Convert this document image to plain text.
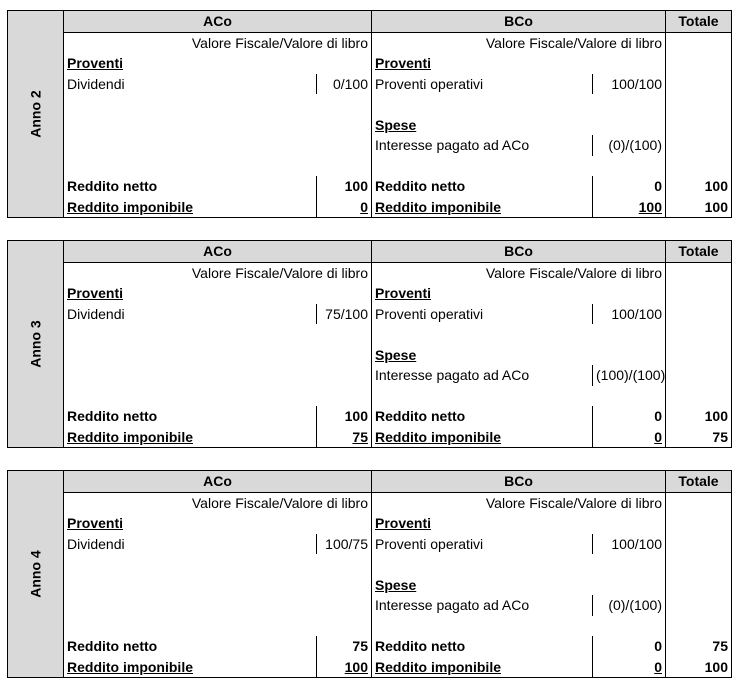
Anno 2	ACo		BCo		Totale
	Valore Fiscale/Valore di libro		Valore Fiscale/Valore di libro		
	Proventi		Proventi		
	Dividendi	0/100	Proventi operativi	100/100	

			Spese		
			Interesse pagato ad ACo	(0)/(100)	

	Reddito netto	100	Reddito netto	0	100
	Reddito imponibile	0	Reddito imponibile	100	100
Anno 3	ACo		BCo		Totale
	Valore Fiscale/Valore di libro		Valore Fiscale/Valore di libro		
	Proventi		Proventi		
	Dividendi	75/100	Proventi operativi	100/100	

			Spese		
			Interesse pagato ad ACo	(100)/(100)	

	Reddito netto	100	Reddito netto	0	100
	Reddito imponibile	75	Reddito imponibile	0	75
Anno 4	ACo		BCo		Totale
	Valore Fiscale/Valore di libro		Valore Fiscale/Valore di libro		
	Proventi		Proventi		
	Dividendi	100/75	Proventi operativi	100/100	

			Spese		
			Interesse pagato ad ACo	(0)/(100)	

	Reddito netto	75	Reddito netto	0	75
	Reddito imponibile	100	Reddito imponibile	0	100
